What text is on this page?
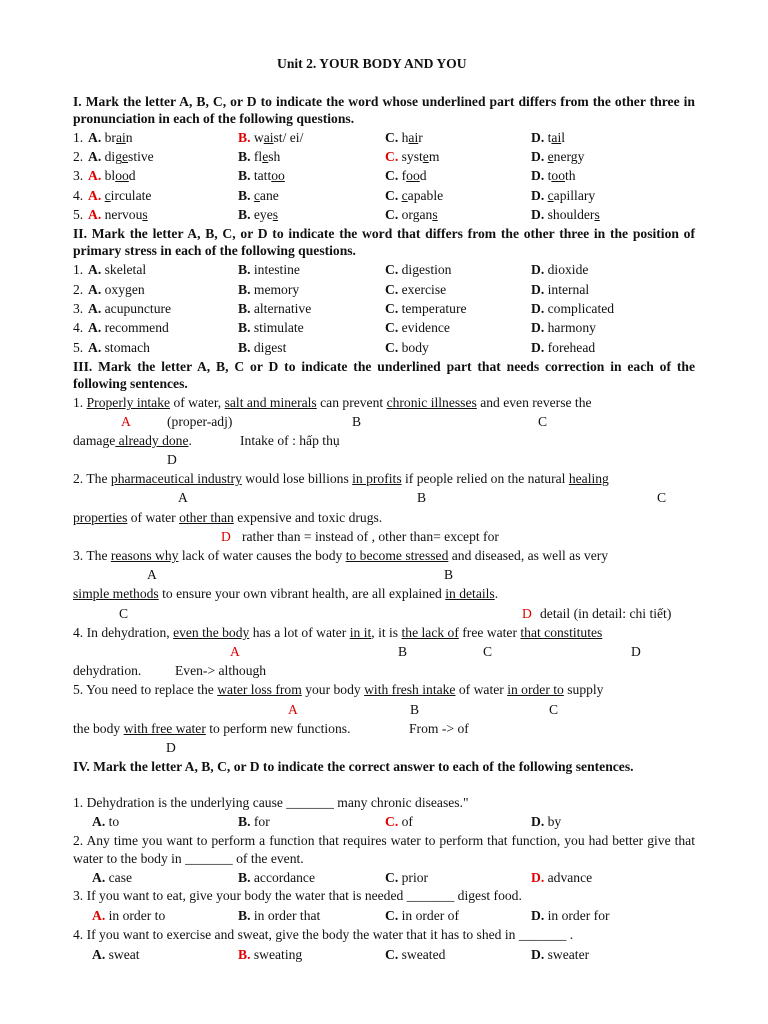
Unit 2. YOUR BODY AND YOU
I. Mark the letter A, B, C, or D to indicate the word whose underlined part differs from the other three in pronunciation in each of the following questions.
1. A. brain	B. waist/ ei/	C. hair	D. tail
2. A. digestive	B. flesh	C. system	D. energy
3. A. blood	B. tattoo	C. food	D. tooth
4. A. circulate	B. cane	C. capable	D. capillary
5. A. nervous	B. eyes	C. organs	D. shoulders
II. Mark the letter A, B, C, or D to indicate the word that differs from the other three in the position of primary stress in each of the following questions.
1. A. skeletal	B. intestine	C. digestion	D. dioxide
2. A. oxygen	B. memory	C. exercise	D. internal
3. A. acupuncture	B. alternative	C. temperature	D. complicated
4. A. recommend	B. stimulate	C. evidence	D. harmony
5. A. stomach	B. digest	C. body	D. forehead
III. Mark the letter A, B, C or D to indicate the underlined part that needs correction in each of the following sentences.
1. Properly intake of water, salt and minerals can prevent chronic illnesses and even reverse the
A	(proper-adj)	B	C
damage already done.	Intake of : hấp thụ
D
2. The pharmaceutical industry would lose billions in profits if people relied on the natural healing
A	B	C
properties of water other than expensive and toxic drugs.
D rather than = instead of , other than= except for
3. The reasons why lack of water causes the body to become stressed and diseased, as well as very
A	B
simple methods to ensure your own vibrant health, are all explained in details.
C	D detail (in detail: chi tiết)
4. In dehydration, even the body has a lot of water in it, it is the lack of free water that constitutes
A	B	C	D
dehydration. Even-> although
5. You need to replace the water loss from your body with fresh intake of water in order to supply
A	B	C
the body with free water to perform new functions.	From -> of
D
IV. Mark the letter A, B, C, or D to indicate the correct answer to each of the following sentences.
1. Dehydration is the underlying cause _______ many chronic diseases."
A. to	B. for	C. of	D. by
2. Any time you want to perform a function that requires water to perform that function, you had better give that water to the body in _______ of the event.
A. case	B. accordance	C. prior	D. advance
3. If you want to eat, give your body the water that is needed _______ digest food.
A. in order to	B. in order that	C. in order of	D. in order for
4. If you want to exercise and sweat, give the body the water that it has to shed in _______ .
A. sweat	B. sweating	C. sweated	D. sweater
